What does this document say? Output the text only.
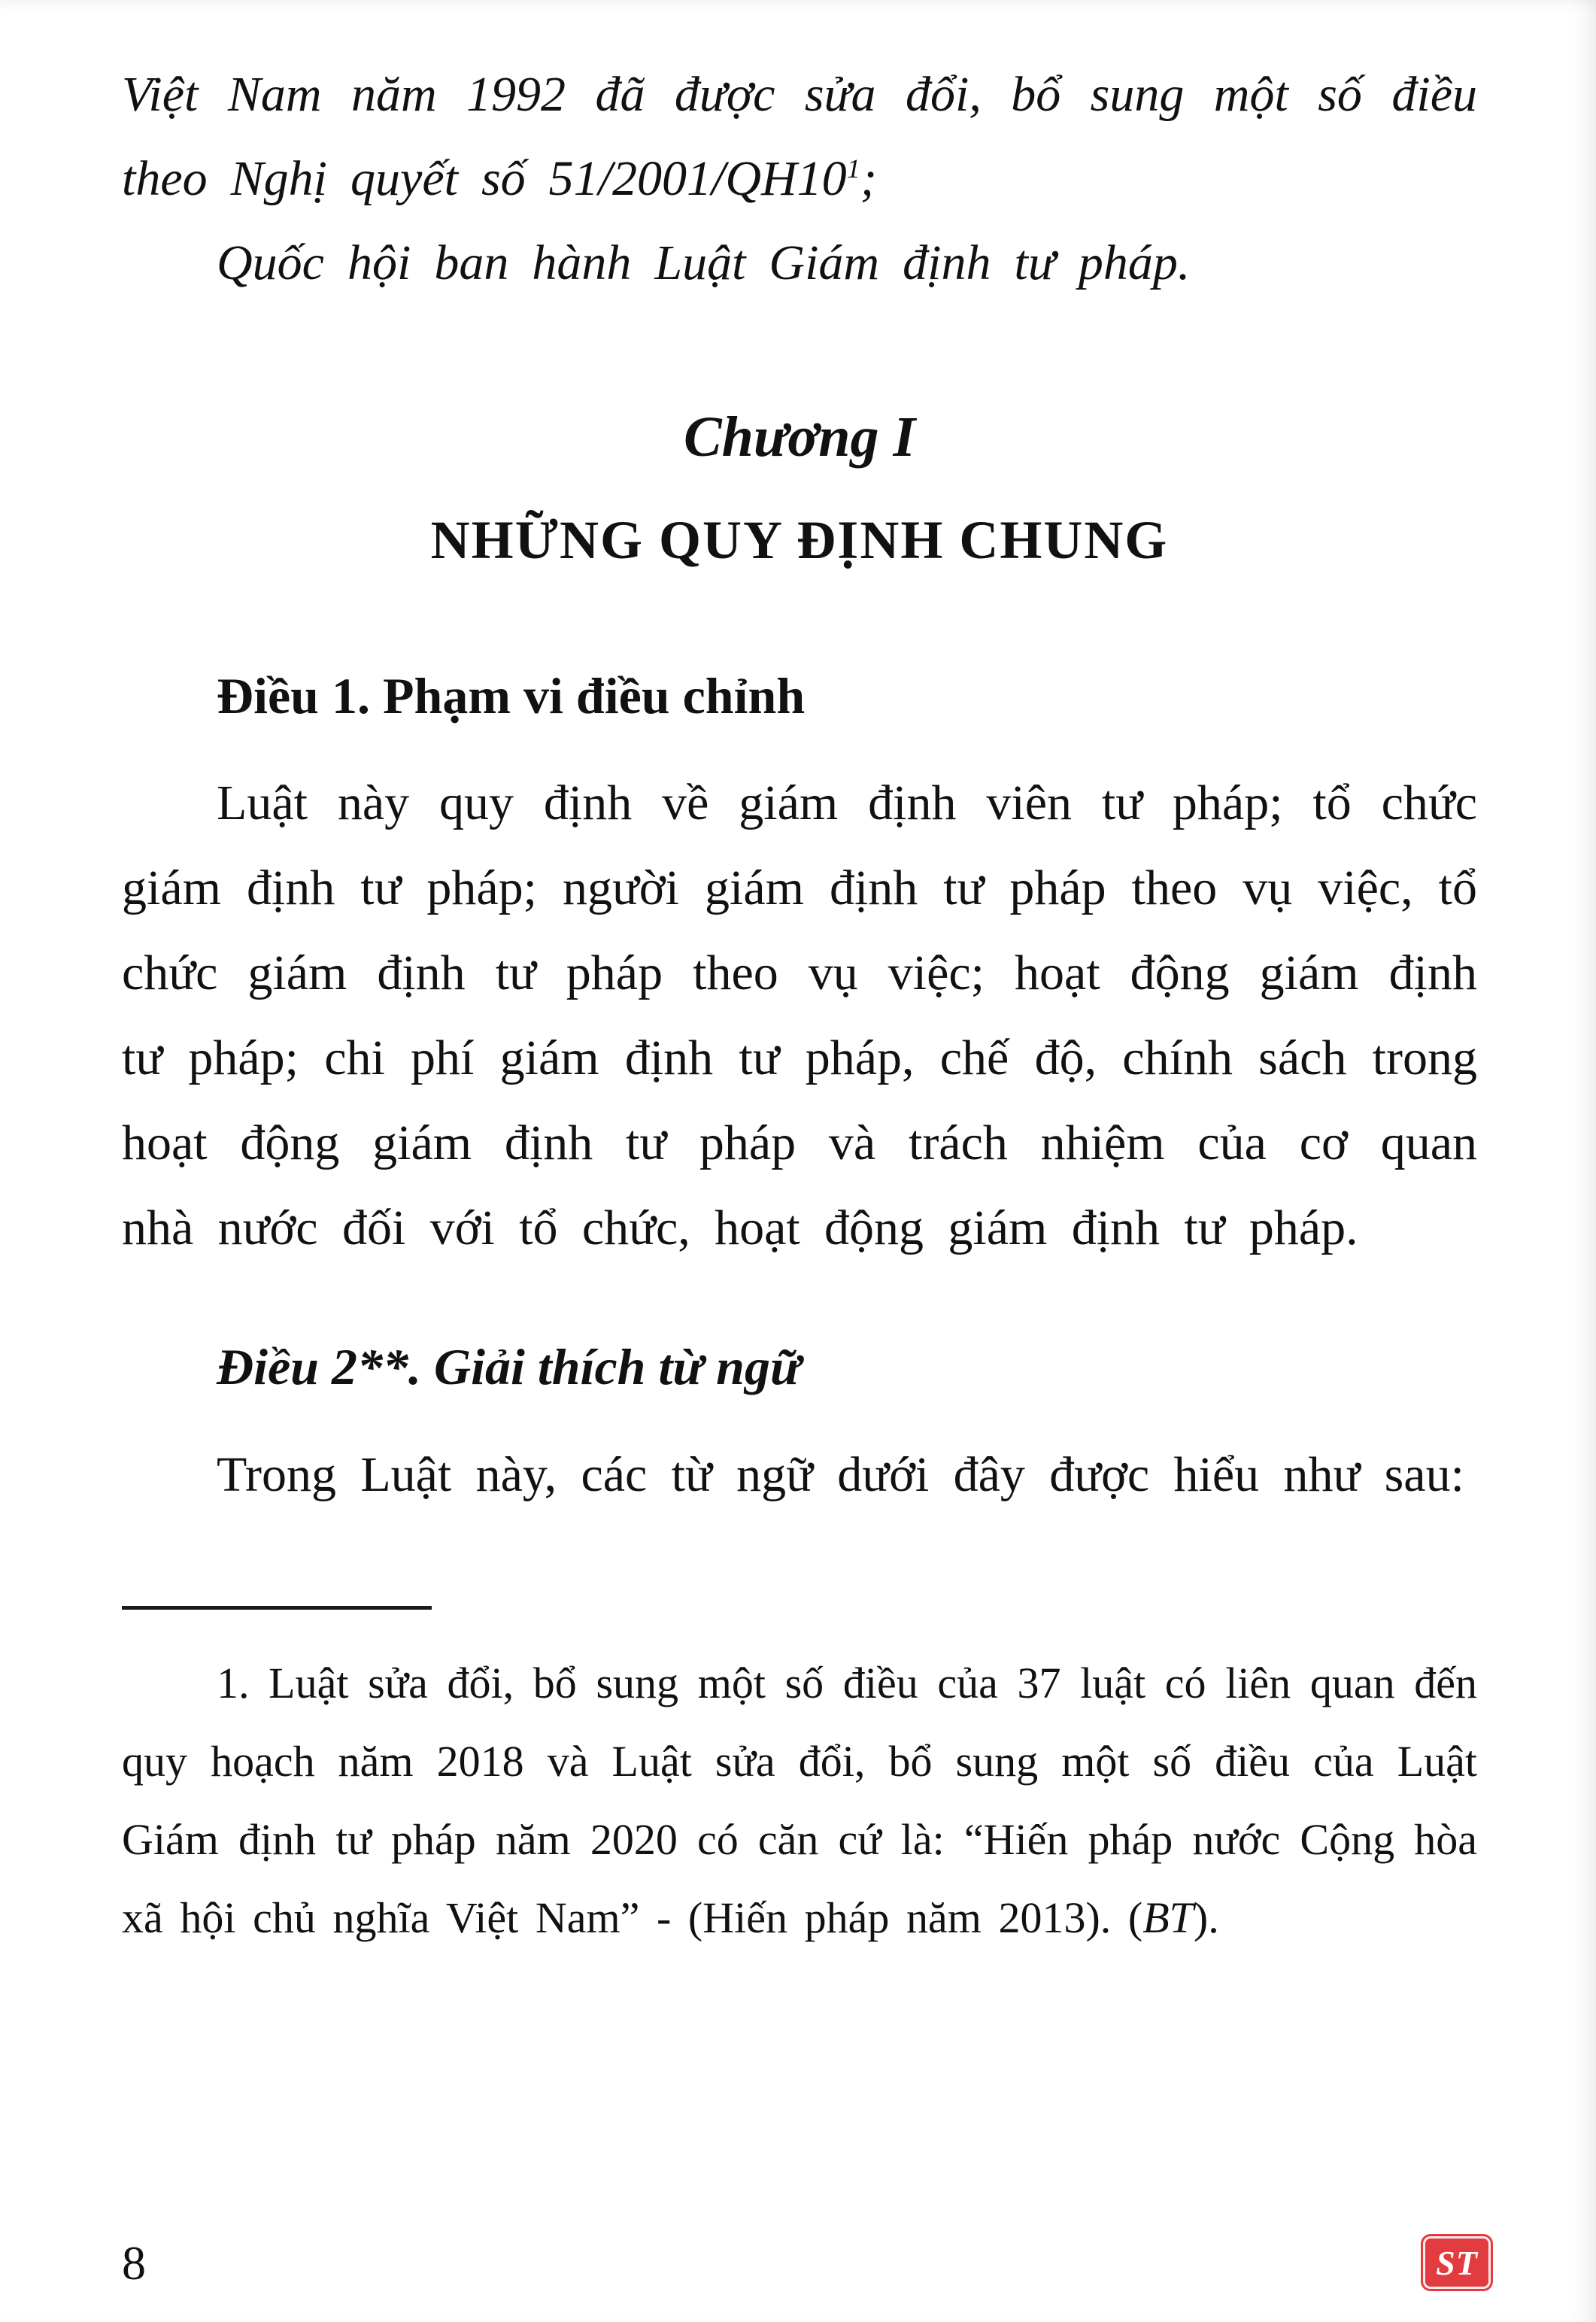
Việt Nam năm 1992 đã được sửa đổi, bổ sung một số điều theo Nghị quyết số $51/2001/QH10^1$;

Quốc hội ban hành Luật Giám định tư pháp.

Chương I
NHỮNG QUY ĐỊNH CHUNG
Điều 1. Phạm vi điều chỉnh

Luật này quy định về giám định viên tư pháp; tổ chức giám định tư pháp; người giám định tư pháp theo vụ việc, tổ chức giám định tư pháp theo vụ việc; hoạt động giám định tư pháp; chi phí giám định tư pháp, chế độ, chính sách trong hoạt động giám định tư pháp và trách nhiệm của cơ quan nhà nước đối với tổ chức, hoạt động giám định tư pháp.

Điều 2**. Giải thích từ ngữ

Trong Luật này, các từ ngữ dưới đây được hiểu như sau:

1. Luật sửa đổi, bổ sung một số điều của 37 luật có liên quan đến quy hoạch năm 2018 và Luật sửa đổi, bổ sung một số điều của Luật Giám định tư pháp năm 2020 có căn cứ là: “Hiến pháp nước Cộng hòa xã hội chủ nghĩa Việt Nam” - (Hiến pháp năm 2013). (BT).

8	ST
